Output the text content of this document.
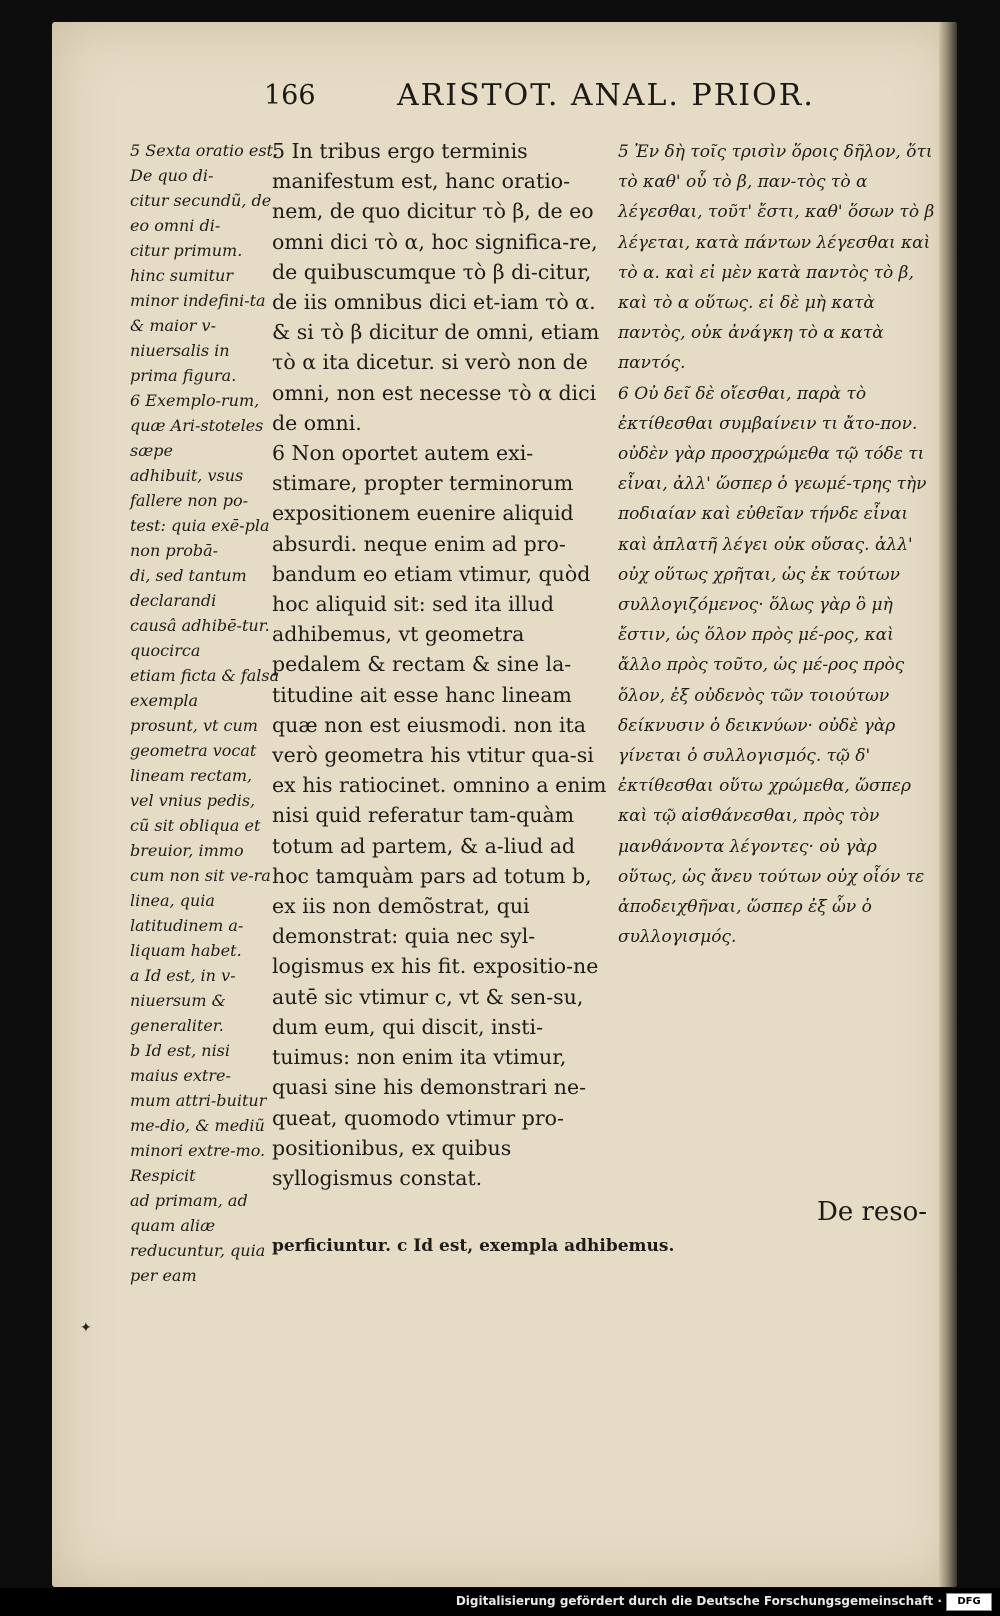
166	ARISTOT. ANAL. PRIOR.

5 Sexta oratio est, De quo di-

citur secundũ, de eo omni di-

citur primum. hinc sumitur

minor indefini-ta & maior v-niuersalis in

prima figura.

6 Exemplo-rum, quæ Ari-stoteles sæpe

adhibuit, vsus fallere non po-

test: quia exē-pla non probā-

di, sed tantum declarandi

causâ adhibē-tur. quocirca

etiam ficta & falsa exempla

prosunt, vt cum geometra vocat

lineam rectam, vel vnius pedis,

cũ sit obliqua et breuior, immo

cum non sit ve-ra linea, quia

latitudinem a-liquam habet.

a Id est, in v-niuersum &

generaliter.

b Id est, nisi maius extre-

mum attri-buitur me-dio, & mediũ

minori extre-mo. Respicit

ad primam, ad quam aliæ

reducuntur, quia per eam

5 In tribus ergo terminis manifestum est, hanc oratio-nem, de quo dicitur τὸ β, de eo omni dici τὸ α, hoc significa-re, de quibuscumque τὸ β di-citur, de iis omnibus dici et-iam τὸ α. & si τὸ β dicitur de omni, etiam τὸ α ita dicetur. si verò non de omni, non est necesse τὸ α dici de omni.

6 Non oportet autem exi-stimare, propter terminorum expositionem euenire aliquid absurdi. neque enim ad pro-bandum eo etiam vtimur, quòd hoc aliquid sit: sed ita illud adhibemus, vt geometra pedalem & rectam & sine la-titudine ait esse hanc lineam quæ non est eiusmodi. non ita verò geometra his vtitur qua-si ex his ratiocinet. omnino a enim nisi quid referatur tam-quàm totum ad partem, & a-liud ad hoc tamquàm pars ad totum b, ex iis non demõstrat, qui demonstrat: quia nec syl-logismus ex his fit. expositio-ne autē sic vtimur c, vt & sen-su, dum eum, qui discit, insti-tuimus: non enim ita vtimur, quasi sine his demonstrari ne-queat, quomodo vtimur pro-positionibus, ex quibus syllogismus constat.

5 Ἐν δὴ τοῖς τρισὶν ὅροις δῆλον, ὅτι τὸ καθ' οὗ τὸ β, παν-τὸς τὸ α λέγεσθαι, τοῦτ' ἔστι, καθ' ὅσων τὸ β λέγεται, κατὰ πάντων λέγεσθαι καὶ τὸ α. καὶ εἰ μὲν κατὰ παντὸς τὸ β, καὶ τὸ α οὕτως. εἰ δὲ μὴ κατὰ παντὸς, οὐκ ἀνάγκη τὸ α κατὰ παντός.

6 Οὐ δεῖ δὲ οἴεσθαι, παρὰ τὸ ἐκτίθεσθαι συμβαίνειν τι ἄτο-πον. οὐδὲν γὰρ προσχρώμεθα τῷ τόδε τι εἶναι, ἀλλ' ὥσπερ ὁ γεωμέ-τρης τὴν ποδιαίαν καὶ εὐθεῖαν τήνδε εἶναι καὶ ἀπλατῆ λέγει οὐκ οὔσας. ἀλλ' οὐχ οὕτως χρῆται, ὡς ἐκ τούτων συλλογιζόμενος· ὅλως γὰρ ὃ μὴ ἔστιν, ὡς ὅλον πρὸς μέ-ρος, καὶ ἄλλο πρὸς τοῦτο, ὡς μέ-ρος πρὸς ὅλον, ἐξ οὐδενὸς τῶν τοιούτων δείκνυσιν ὁ δεικνύων· οὐδὲ γὰρ γίνεται ὁ συλλογισμός. τῷ δ' ἐκτίθεσθαι οὕτω χρώμεθα, ὥσπερ καὶ τῷ αἰσθάνεσθαι, πρὸς τὸν μανθάνοντα λέγοντες· οὐ γὰρ οὕτως, ὡς ἄνευ τούτων οὐχ οἷόν τε ἀποδειχθῆναι, ὥσπερ ἐξ ὧν ὁ συλλογισμός.

De reso-
perficiuntur. c Id est, exempla adhibemus.
✦
Digitalisierung gefördert durch die Deutsche Forschungsgemeinschaft ·	DFG
